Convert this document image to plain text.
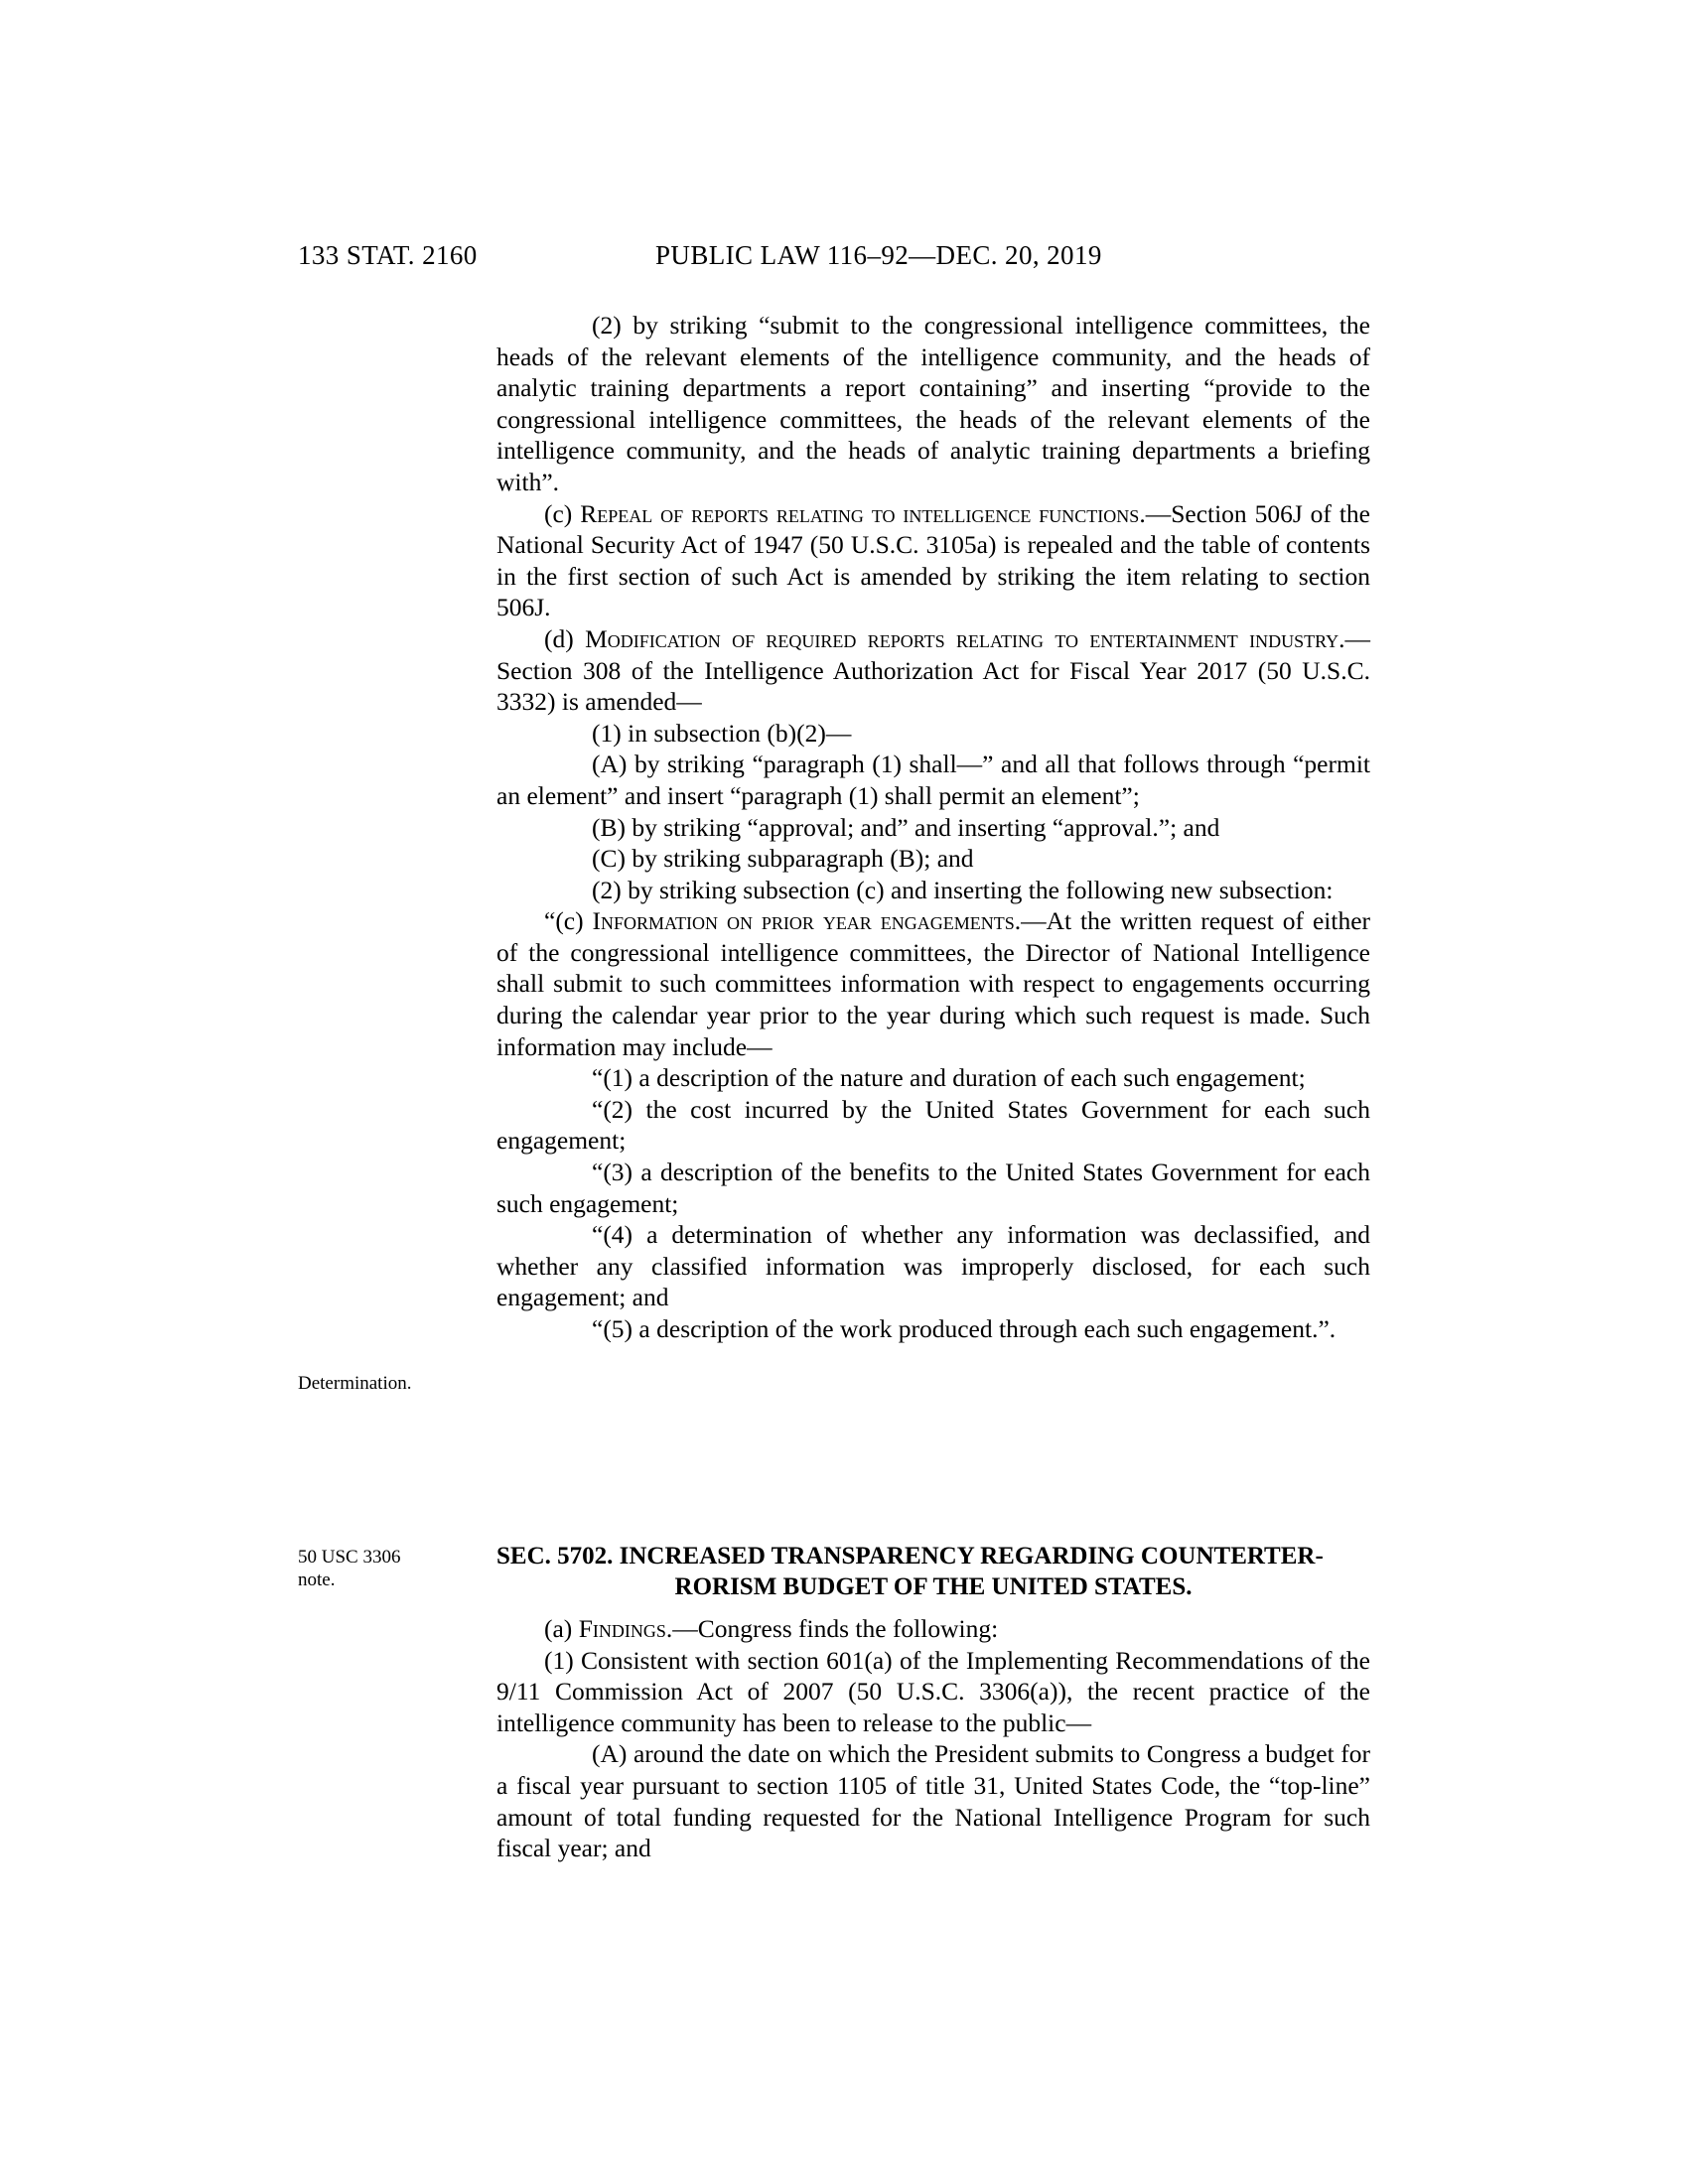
133 STAT. 2160	PUBLIC LAW 116–92—DEC. 20, 2019

(2) by striking “submit to the congressional intelligence committees, the heads of the relevant elements of the intelligence community, and the heads of analytic training departments a report containing” and inserting “provide to the congressional intelligence committees, the heads of the relevant elements of the intelligence community, and the heads of analytic training departments a briefing with”.

(c) Repeal of reports relating to intelligence functions.—Section 506J of the National Security Act of 1947 (50 U.S.C. 3105a) is repealed and the table of contents in the first section of such Act is amended by striking the item relating to section 506J.

(d) Modification of required reports relating to entertainment industry.—Section 308 of the Intelligence Authorization Act for Fiscal Year 2017 (50 U.S.C. 3332) is amended—

(1) in subsection (b)(2)—

(A) by striking “paragraph (1) shall—” and all that follows through “permit an element” and insert “paragraph (1) shall permit an element”;

(B) by striking “approval; and” and inserting “approval.”; and

(C) by striking subparagraph (B); and

(2) by striking subsection (c) and inserting the following new subsection:

“(c) Information on prior year engagements.—At the written request of either of the congressional intelligence committees, the Director of National Intelligence shall submit to such committees information with respect to engagements occurring during the calendar year prior to the year during which such request is made. Such information may include—

“(1) a description of the nature and duration of each such engagement;

“(2) the cost incurred by the United States Government for each such engagement;

“(3) a description of the benefits to the United States Government for each such engagement;

“(4) a determination of whether any information was declassified, and whether any classified information was improperly disclosed, for each such engagement; and

“(5) a description of the work produced through each such engagement.”.

Determination.
50 USC 3306
note.
SEC. 5702. INCREASED TRANSPARENCY REGARDING COUNTERTER-
RORISM BUDGET OF THE UNITED STATES.

(a) Findings.—Congress finds the following:

(1) Consistent with section 601(a) of the Implementing Recommendations of the 9/11 Commission Act of 2007 (50 U.S.C. 3306(a)), the recent practice of the intelligence community has been to release to the public—

(A) around the date on which the President submits to Congress a budget for a fiscal year pursuant to section 1105 of title 31, United States Code, the “top-line” amount of total funding requested for the National Intelligence Program for such fiscal year; and
